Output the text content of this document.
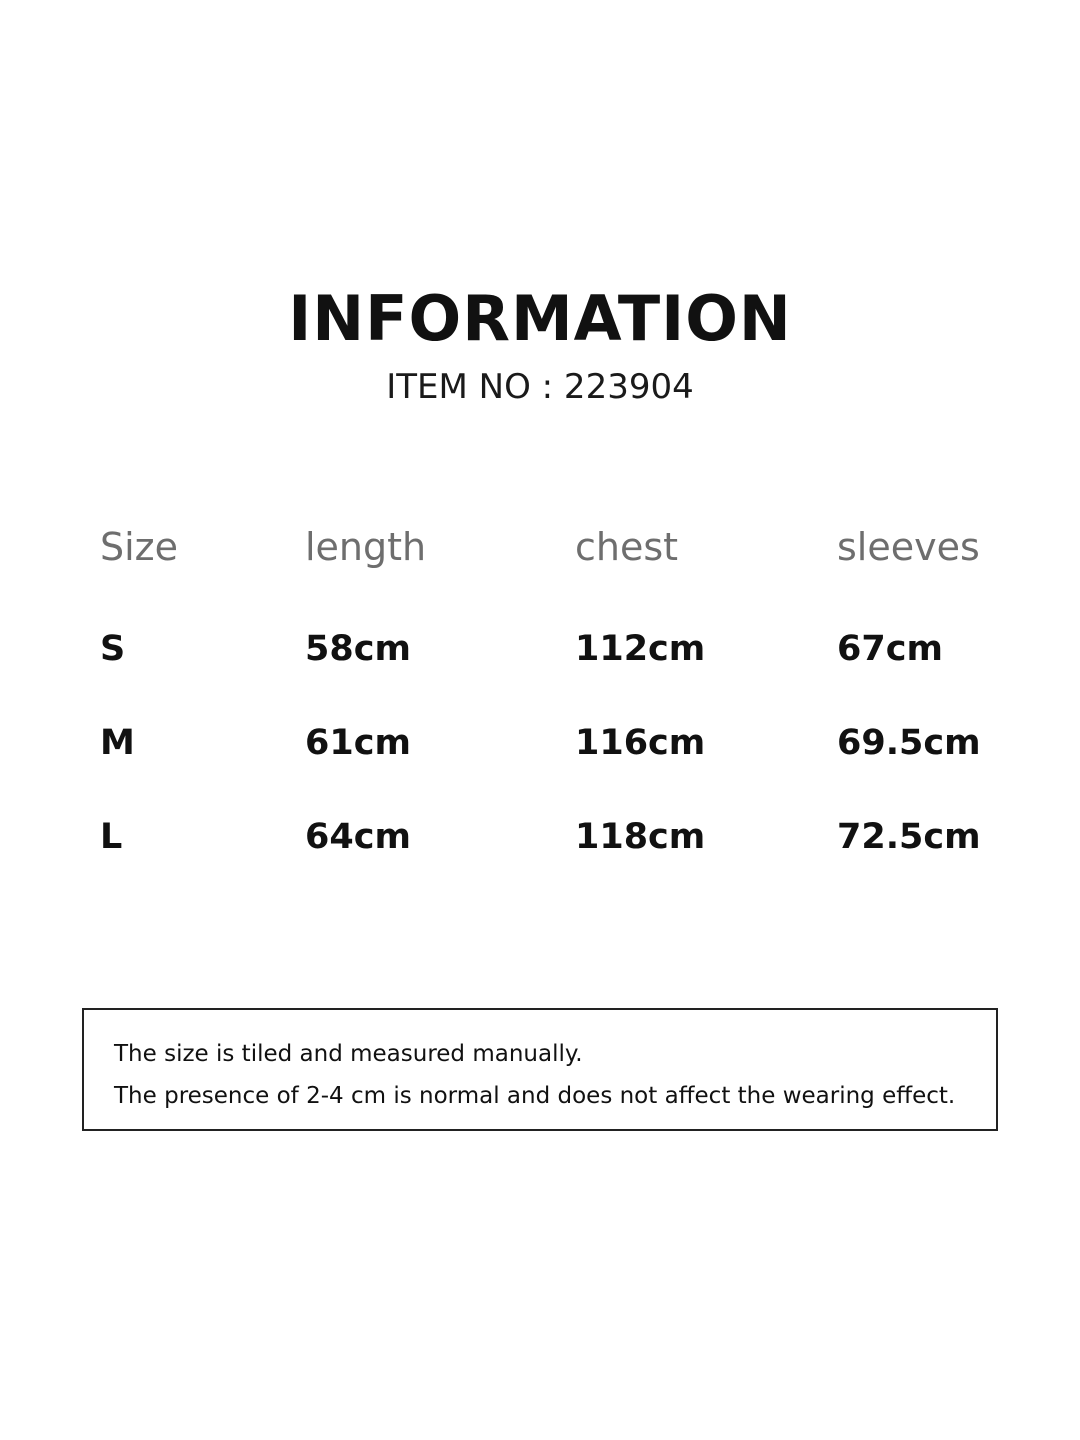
INFORMATION
ITEM NO : 223904
Size	length	chest	sleeves
S	58cm	112cm	67cm
M	61cm	116cm	69.5cm
L	64cm	118cm	72.5cm
The size is tiled and measured manually.
The presence of 2-4 cm is normal and does not affect the wearing effect.
